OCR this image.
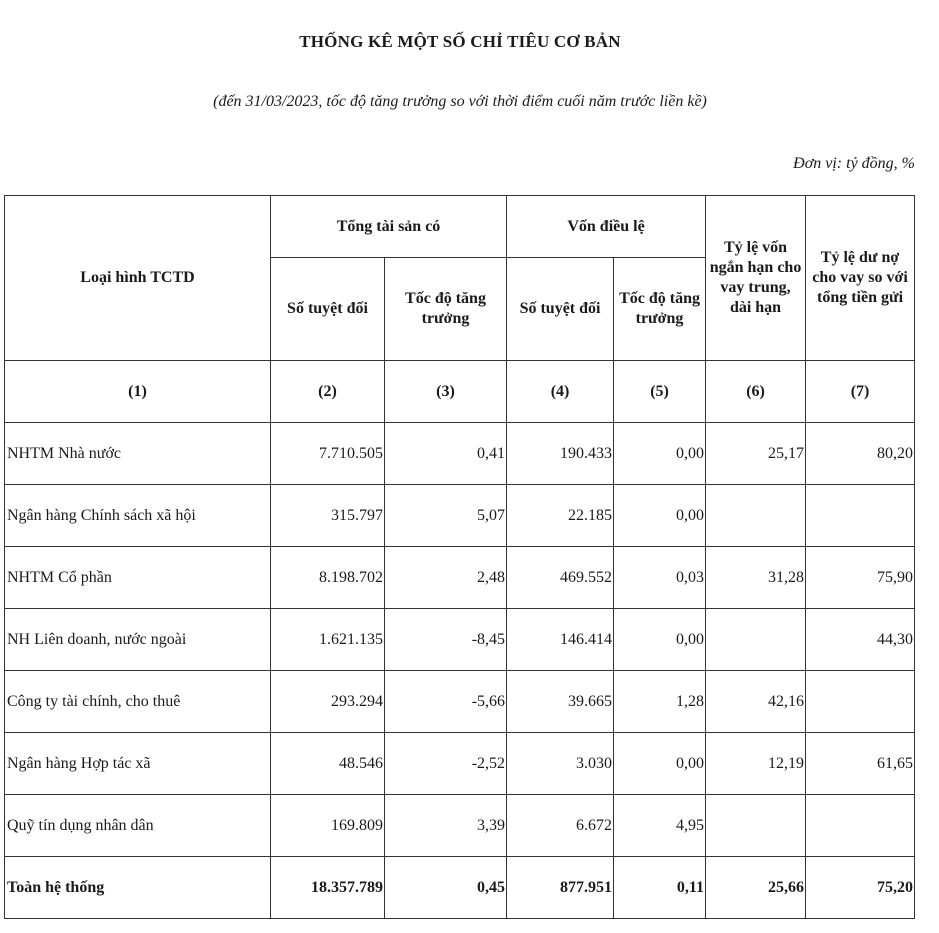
THỐNG KÊ MỘT SỐ CHỈ TIÊU CƠ BẢN
(đến 31/03/2023, tốc độ tăng trưởng so với thời điểm cuối năm trước liền kề)
Đơn vị: tỷ đồng, %
Loại hình TCTD	Tổng tài sản có		Vốn điều lệ		Tỷ lệ vốn ngắn hạn cho vay trung, dài hạn	Tỷ lệ dư nợ cho vay so với tổng tiền gửi
	Số tuyệt đối	Tốc độ tăng trưởng	Số tuyệt đối	Tốc độ tăng trưởng		
(1)	(2)	(3)	(4)	(5)	(6)	(7)
NHTM Nhà nước	7.710.505	0,41	190.433	0,00	25,17	80,20
Ngân hàng Chính sách xã hội	315.797	5,07	22.185	0,00		
NHTM Cổ phần	8.198.702	2,48	469.552	0,03	31,28	75,90
NH Liên doanh, nước ngoài	1.621.135	-8,45	146.414	0,00		44,30
Công ty tài chính, cho thuê	293.294	-5,66	39.665	1,28	42,16	
Ngân hàng Hợp tác xã	48.546	-2,52	3.030	0,00	12,19	61,65
Quỹ tín dụng nhân dân	169.809	3,39	6.672	4,95		
Toàn hệ thống	18.357.789	0,45	877.951	0,11	25,66	75,20
